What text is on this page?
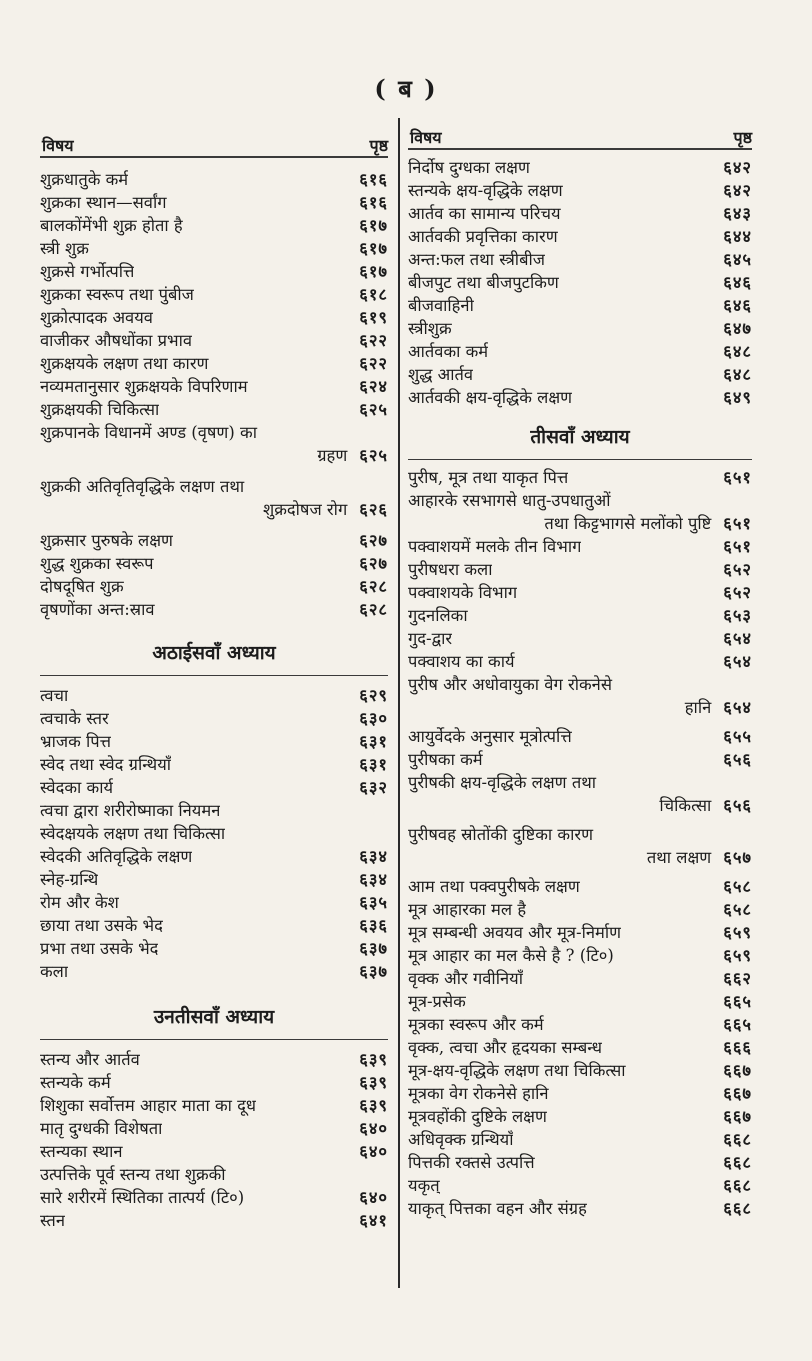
( ब )
विषय	पृष्ठ
शुक्रधातुके कर्म	६१६
शुक्रका स्थान—सर्वांग	६१६
बालकोंमेंभी शुक्र होता है	६१७
स्त्री शुक्र	६१७
शुक्रसे गर्भोत्पत्ति	६१७
शुक्रका स्वरूप तथा पुंबीज	६१८
शुक्रोत्पादक अवयव	६१९
वाजीकर औषधोंका प्रभाव	६२२
शुक्रक्षयके लक्षण तथा कारण	६२२
नव्यमतानुसार शुक्रक्षयके विपरिणाम	६२४
शुक्रक्षयकी चिकित्सा	६२५
शुक्रपानके विधानमें अण्ड (वृषण) का
ग्रहण ६२५
शुक्रकी अतिवृतिवृद्धिके लक्षण तथा
शुक्रदोषज रोग ६२६
शुक्रसार पुरुषके लक्षण	६२७
शुद्ध शुक्रका स्वरूप	६२७
दोषदूषित शुक्र	६२८
वृषणोंका अन्त:स्राव	६२८
अठाईसवाँ अध्याय
त्वचा	६२९
त्वचाके स्तर	६३०
भ्राजक पित्त	६३१
स्वेद तथा स्वेद ग्रन्थियाँ	६३१
स्वेदका कार्य	६३२
त्वचा द्वारा शरीरोष्माका नियमन
स्वेदक्षयके लक्षण तथा चिकित्सा
स्वेदकी अतिवृद्धिके लक्षण	६३४
स्नेह-ग्रन्थि	६३४
रोम और केश	६३५
छाया तथा उसके भेद	६३६
प्रभा तथा उसके भेद	६३७
कला	६३७
उनतीसवाँ अध्याय
स्तन्य और आर्तव	६३९
स्तन्यके कर्म	६३९
शिशुका सर्वोत्तम आहार माता का दूध	६३९
मातृ दुग्धकी विशेषता	६४०
स्तन्यका स्थान	६४०
उत्पत्तिके पूर्व स्तन्य तथा शुक्रकी
सारे शरीरमें स्थितिका तात्पर्य (टि०)	६४०
स्तन	६४१
विषय	पृष्ठ
निर्दोष दुग्धका लक्षण	६४२
स्तन्यके क्षय-वृद्धिके लक्षण	६४२
आर्तव का सामान्य परिचय	६४३
आर्तवकी प्रवृत्तिका कारण	६४४
अन्त:फल तथा स्त्रीबीज	६४५
बीजपुट तथा बीजपुटकिण	६४६
बीजवाहिनी	६४६
स्त्रीशुक्र	६४७
आर्तवका कर्म	६४८
शुद्ध आर्तव	६४८
आर्तवकी क्षय-वृद्धिके लक्षण	६४९
तीसवाँ अध्याय
पुरीष, मूत्र तथा याकृत पित्त	६५१
आहारके रसभागसे धातु-उपधातुओं
तथा किट्टभागसे मलोंको पुष्टि ६५१
पक्वाशयमें मलके तीन विभाग	६५१
पुरीषधरा कला	६५२
पक्वाशयके विभाग	६५२
गुदनलिका	६५३
गुद-द्वार	६५४
पक्वाशय का कार्य	६५४
पुरीष और अधोवायुका वेग रोकनेसे
हानि ६५४
आयुर्वेदके अनुसार मूत्रोत्पत्ति	६५५
पुरीषका कर्म	६५६
पुरीषकी क्षय-वृद्धिके लक्षण तथा
चिकित्सा ६५६
पुरीषवह स्रोतोंकी दुष्टिका कारण
तथा लक्षण ६५७
आम तथा पक्वपुरीषके लक्षण	६५८
मूत्र आहारका मल है	६५८
मूत्र सम्बन्धी अवयव और मूत्र-निर्माण	६५९
मूत्र आहार का मल कैसे है ? (टि०)	६५९
वृक्क और गवीनियाँ	६६२
मूत्र-प्रसेक	६६५
मूत्रका स्वरूप और कर्म	६६५
वृक्क, त्वचा और हृदयका सम्बन्ध	६६६
मूत्र-क्षय-वृद्धिके लक्षण तथा चिकित्सा	६६७
मूत्रका वेग रोकनेसे हानि	६६७
मूत्रवहोंकी दुष्टिके लक्षण	६६७
अधिवृक्क ग्रन्थियाँ	६६८
पित्तकी रक्तसे उत्पत्ति	६६८
यकृत्	६६८
याकृत् पित्तका वहन और संग्रह	६६८
